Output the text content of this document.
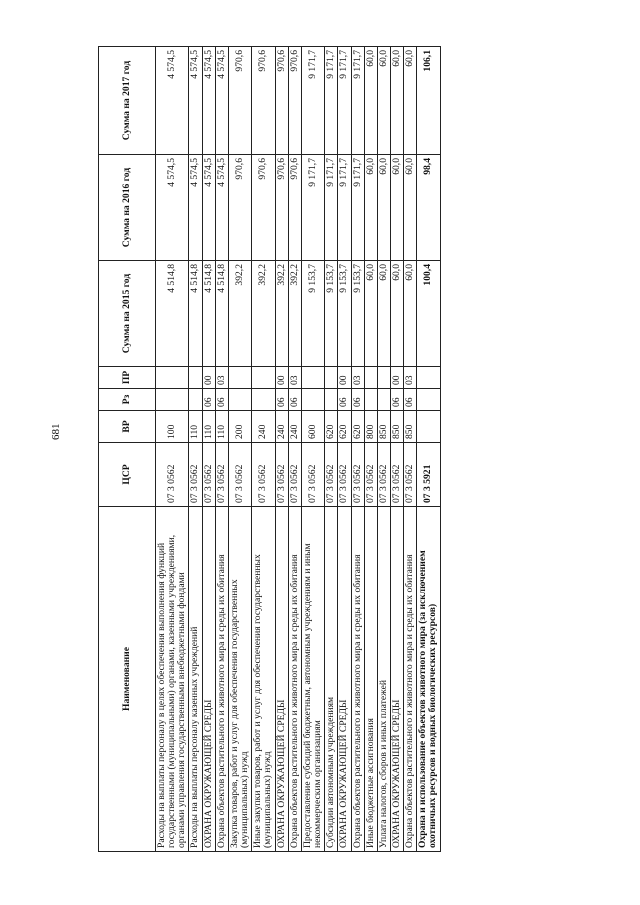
681
Наименование	ЦСР	ВР	Рз	ПР	Сумма на 2015 год	Сумма на 2016 год	Сумма на 2017 год
Расходы на выплаты персоналу в целях обеспечения выполнения функций государственными (муниципальными) органами, казенными учреждениями, органами управления государственными внебюджетными фондами	07 3 0562	100			4 514,8	4 574,5	4 574,5
Расходы на выплаты персоналу казенных учреждений	07 3 0562	110			4 514,8	4 574,5	4 574,5
ОХРАНА ОКРУЖАЮЩЕЙ СРЕДЫ	07 3 0562	110	06	00	4 514,8	4 574,5	4 574,5
Охрана объектов растительного и животного мира и среды их обитания	07 3 0562	110	06	03	4 514,8	4 574,5	4 574,5
Закупка товаров, работ и услуг для обеспечения государственных (муниципальных) нужд	07 3 0562	200			392,2	970,6	970,6
Иные закупки товаров, работ и услуг для обеспечения государственных (муниципальных) нужд	07 3 0562	240			392,2	970,6	970,6
ОХРАНА ОКРУЖАЮЩЕЙ СРЕДЫ	07 3 0562	240	06	00	392,2	970,6	970,6
Охрана объектов растительного и животного мира и среды их обитания	07 3 0562	240	06	03	392,2	970,6	970,6
Предоставление субсидий бюджетным, автономным учреждениям и иным некоммерческим организациям	07 3 0562	600			9 153,7	9 171,7	9 171,7
Субсидии автономным учреждениям	07 3 0562	620			9 153,7	9 171,7	9 171,7
ОХРАНА ОКРУЖАЮЩЕЙ СРЕДЫ	07 3 0562	620	06	00	9 153,7	9 171,7	9 171,7
Охрана объектов растительного и животного мира и среды их обитания	07 3 0562	620	06	03	9 153,7	9 171,7	9 171,7
Иные бюджетные ассигнования	07 3 0562	800			60,0	60,0	60,0
Уплата налогов, сборов и иных платежей	07 3 0562	850			60,0	60,0	60,0
ОХРАНА ОКРУЖАЮЩЕЙ СРЕДЫ	07 3 0562	850	06	00	60,0	60,0	60,0
Охрана объектов растительного и животного мира и среды их обитания	07 3 0562	850	06	03	60,0	60,0	60,0
Охрана и использование объектов животного мира (за исключением охотничьих ресурсов и водных биологических ресурсов)	07 3 5921				100,4	98,4	106,1
